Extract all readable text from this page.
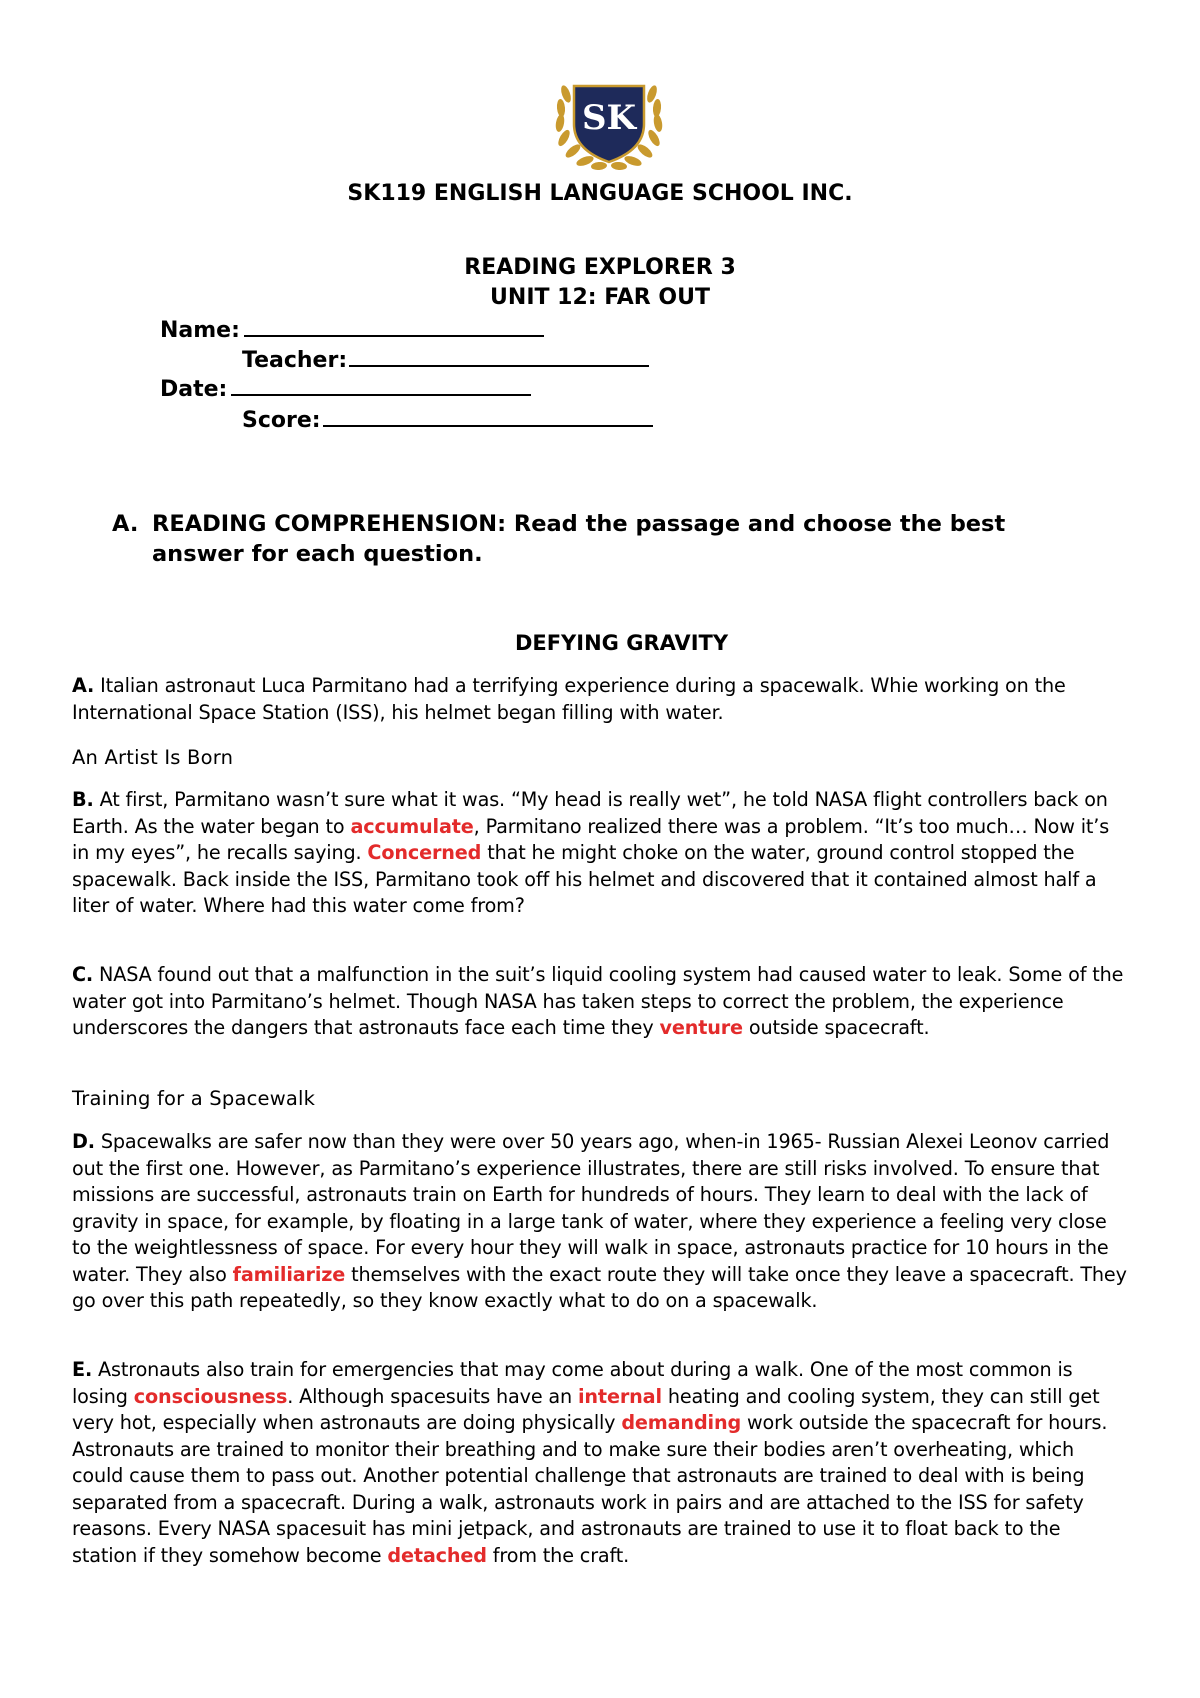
SK
SK119 ENGLISH LANGUAGE SCHOOL INC.
READING EXPLORER 3
UNIT 12: FAR OUT
Name:
Teacher:
Date:
Score:
A. READING COMPREHENSION: Read the passage and choose the best
answer for each question.
DEFYING GRAVITY
A. Italian astronaut Luca Parmitano had a terrifying experience during a spacewalk. Whie working on the International Space Station (ISS), his helmet began filling with water.
An Artist Is Born
B. At first, Parmitano wasn’t sure what it was. “My head is really wet”, he told NASA flight controllers back on Earth. As the water began to accumulate, Parmitano realized there was a problem. “It’s too much… Now it’s in my eyes”, he recalls saying. Concerned that he might choke on the water, ground control stopped the spacewalk. Back inside the ISS, Parmitano took off his helmet and discovered that it contained almost half a liter of water. Where had this water come from?
C. NASA found out that a malfunction in the suit’s liquid cooling system had caused water to leak. Some of the water got into Parmitano’s helmet. Though NASA has taken steps to correct the problem, the experience underscores the dangers that astronauts face each time they venture outside spacecraft.
Training for a Spacewalk
D. Spacewalks are safer now than they were over 50 years ago, when-in 1965- Russian Alexei Leonov carried out the first one. However, as Parmitano’s experience illustrates, there are still risks involved. To ensure that missions are successful, astronauts train on Earth for hundreds of hours. They learn to deal with the lack of gravity in space, for example, by floating in a large tank of water, where they experience a feeling very close to the weightlessness of space. For every hour they will walk in space, astronauts practice for 10 hours in the water. They also familiarize themselves with the exact route they will take once they leave a spacecraft. They go over this path repeatedly, so they know exactly what to do on a spacewalk.
E. Astronauts also train for emergencies that may come about during a walk. One of the most common is losing consciousness. Although spacesuits have an internal heating and cooling system, they can still get very hot, especially when astronauts are doing physically demanding work outside the spacecraft for hours. Astronauts are trained to monitor their breathing and to make sure their bodies aren’t overheating, which could cause them to pass out. Another potential challenge that astronauts are trained to deal with is being separated from a spacecraft. During a walk, astronauts work in pairs and are attached to the ISS for safety reasons. Every NASA spacesuit has mini jetpack, and astronauts are trained to use it to float back to the station if they somehow become detached from the craft.
